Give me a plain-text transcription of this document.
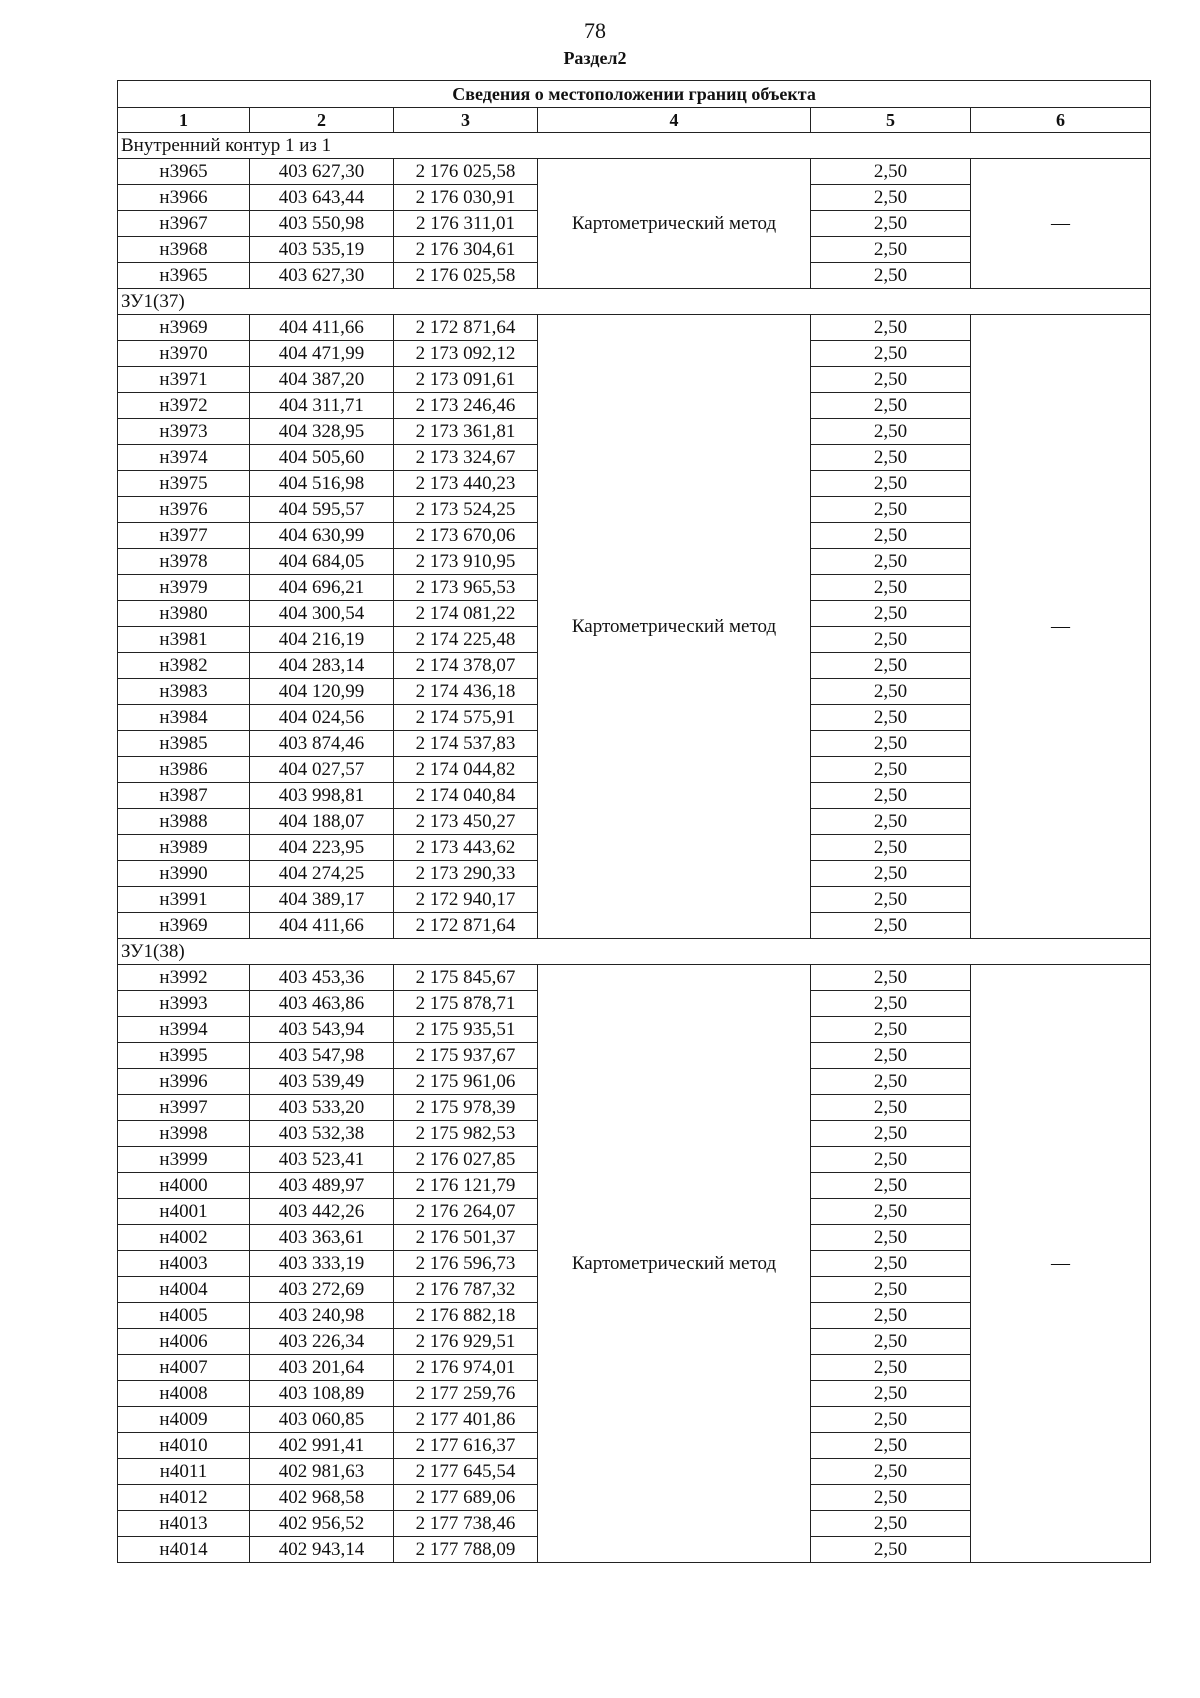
78
Раздел2
Сведения о местоположении границ объекта					
1	2	3	4	5	6
Внутренний контур 1 из 1					
н3965	403 627,30	2 176 025,58	Картометрический метод	2,50	—
н3966	403 643,44	2 176 030,91		2,50	
н3967	403 550,98	2 176 311,01		2,50	
н3968	403 535,19	2 176 304,61		2,50	
н3965	403 627,30	2 176 025,58		2,50	
ЗУ1(37)					
н3969	404 411,66	2 172 871,64	Картометрический метод	2,50	—
н3970	404 471,99	2 173 092,12		2,50	
н3971	404 387,20	2 173 091,61		2,50	
н3972	404 311,71	2 173 246,46		2,50	
н3973	404 328,95	2 173 361,81		2,50	
н3974	404 505,60	2 173 324,67		2,50	
н3975	404 516,98	2 173 440,23		2,50	
н3976	404 595,57	2 173 524,25		2,50	
н3977	404 630,99	2 173 670,06		2,50	
н3978	404 684,05	2 173 910,95		2,50	
н3979	404 696,21	2 173 965,53		2,50	
н3980	404 300,54	2 174 081,22		2,50	
н3981	404 216,19	2 174 225,48		2,50	
н3982	404 283,14	2 174 378,07		2,50	
н3983	404 120,99	2 174 436,18		2,50	
н3984	404 024,56	2 174 575,91		2,50	
н3985	403 874,46	2 174 537,83		2,50	
н3986	404 027,57	2 174 044,82		2,50	
н3987	403 998,81	2 174 040,84		2,50	
н3988	404 188,07	2 173 450,27		2,50	
н3989	404 223,95	2 173 443,62		2,50	
н3990	404 274,25	2 173 290,33		2,50	
н3991	404 389,17	2 172 940,17		2,50	
н3969	404 411,66	2 172 871,64		2,50	
ЗУ1(38)					
н3992	403 453,36	2 175 845,67	Картометрический метод	2,50	—
н3993	403 463,86	2 175 878,71		2,50	
н3994	403 543,94	2 175 935,51		2,50	
н3995	403 547,98	2 175 937,67		2,50	
н3996	403 539,49	2 175 961,06		2,50	
н3997	403 533,20	2 175 978,39		2,50	
н3998	403 532,38	2 175 982,53		2,50	
н3999	403 523,41	2 176 027,85		2,50	
н4000	403 489,97	2 176 121,79		2,50	
н4001	403 442,26	2 176 264,07		2,50	
н4002	403 363,61	2 176 501,37		2,50	
н4003	403 333,19	2 176 596,73		2,50	
н4004	403 272,69	2 176 787,32		2,50	
н4005	403 240,98	2 176 882,18		2,50	
н4006	403 226,34	2 176 929,51		2,50	
н4007	403 201,64	2 176 974,01		2,50	
н4008	403 108,89	2 177 259,76		2,50	
н4009	403 060,85	2 177 401,86		2,50	
н4010	402 991,41	2 177 616,37		2,50	
н4011	402 981,63	2 177 645,54		2,50	
н4012	402 968,58	2 177 689,06		2,50	
н4013	402 956,52	2 177 738,46		2,50	
н4014	402 943,14	2 177 788,09		2,50	
